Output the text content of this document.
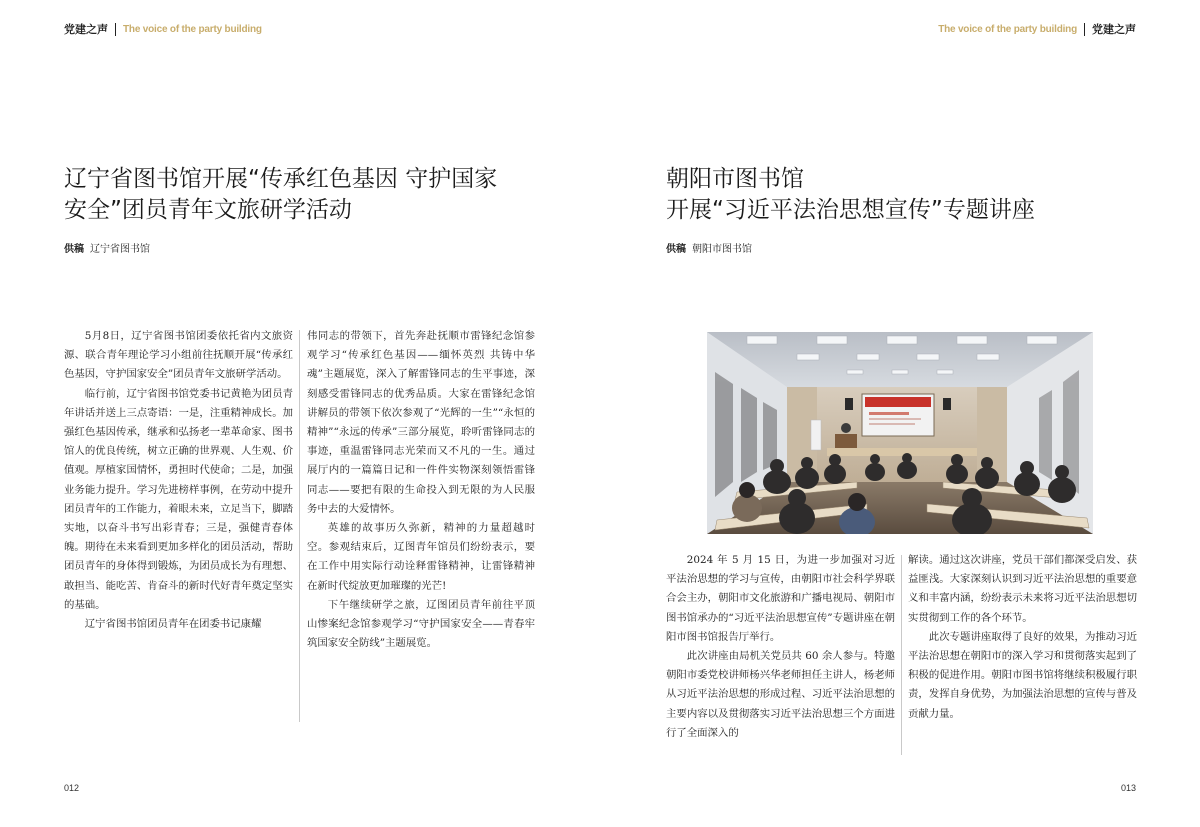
党建之声 The voice of the party building
辽宁省图书馆开展“传承红色基因 守护国家
安全”团员青年文旅研学活动
供稿 辽宁省图书馆

5月8日，辽宁省图书馆团委依托省内文旅资源、联合青年理论学习小组前往抚顺开展“传承红色基因，守护国家安全”团员青年文旅研学活动。

临行前，辽宁省图书馆党委书记黄艳为团员青年讲话并送上三点寄语：一是，注重精神成长。加强红色基因传承，继承和弘扬老一辈革命家、图书馆人的优良传统，树立正确的世界观、人生观、价值观。厚植家国情怀，勇担时代使命；二是，加强业务能力提升。学习先进榜样事例，在劳动中提升团员青年的工作能力，着眼未来，立足当下，脚踏实地，以奋斗书写出彩青春；三是，强健青春体魄。期待在未来看到更加多样化的团员活动，帮助团员青年的身体得到锻炼，为团员成长为有理想、敢担当、能吃苦、肯奋斗的新时代好青年奠定坚实的基础。

辽宁省图书馆团员青年在团委书记康耀

伟同志的带领下，首先奔赴抚顺市雷锋纪念馆参观学习“传承红色基因——缅怀英烈 共铸中华魂”主题展览，深入了解雷锋同志的生平事迹，深刻感受雷锋同志的优秀品质。大家在雷锋纪念馆讲解员的带领下依次参观了“光辉的一生”“永恒的精神”“永远的传承”三部分展览，聆听雷锋同志的事迹，重温雷锋同志光荣而又不凡的一生。通过展厅内的一篇篇日记和一件件实物深刻领悟雷锋同志——要把有限的生命投入到无限的为人民服务中去的大爱情怀。

英雄的故事历久弥新，精神的力量超越时空。参观结束后，辽图青年馆员们纷纷表示，要在工作中用实际行动诠释雷锋精神，让雷锋精神在新时代绽放更加璀璨的光芒!

下午继续研学之旅，辽图团员青年前往平顶山惨案纪念馆参观学习“守护国家安全——青春牢筑国家安全防线”主题展览。

012
The voice of the party building 党建之声
朝阳市图书馆
开展“习近平法治思想宣传”专题讲座
供稿 朝阳市图书馆

2024 年 5 月 15 日，为进一步加强对习近平法治思想的学习与宣传，由朝阳市社会科学界联合会主办，朝阳市文化旅游和广播电视局、朝阳市图书馆承办的“习近平法治思想宣传”专题讲座在朝阳市图书馆报告厅举行。

此次讲座由局机关党员共 60 余人参与。特邀朝阳市委党校讲师杨兴华老师担任主讲人，杨老师从习近平法治思想的形成过程、习近平法治思想的主要内容以及贯彻落实习近平法治思想三个方面进行了全面深入的

解读。通过这次讲座，党员干部们都深受启发、获益匪浅。大家深刻认识到习近平法治思想的重要意义和丰富内涵，纷纷表示未来将习近平法治思想切实贯彻到工作的各个环节。

此次专题讲座取得了良好的效果，为推动习近平法治思想在朝阳市的深入学习和贯彻落实起到了积极的促进作用。朝阳市图书馆将继续积极履行职责，发挥自身优势，为加强法治思想的宣传与普及贡献力量。

013
